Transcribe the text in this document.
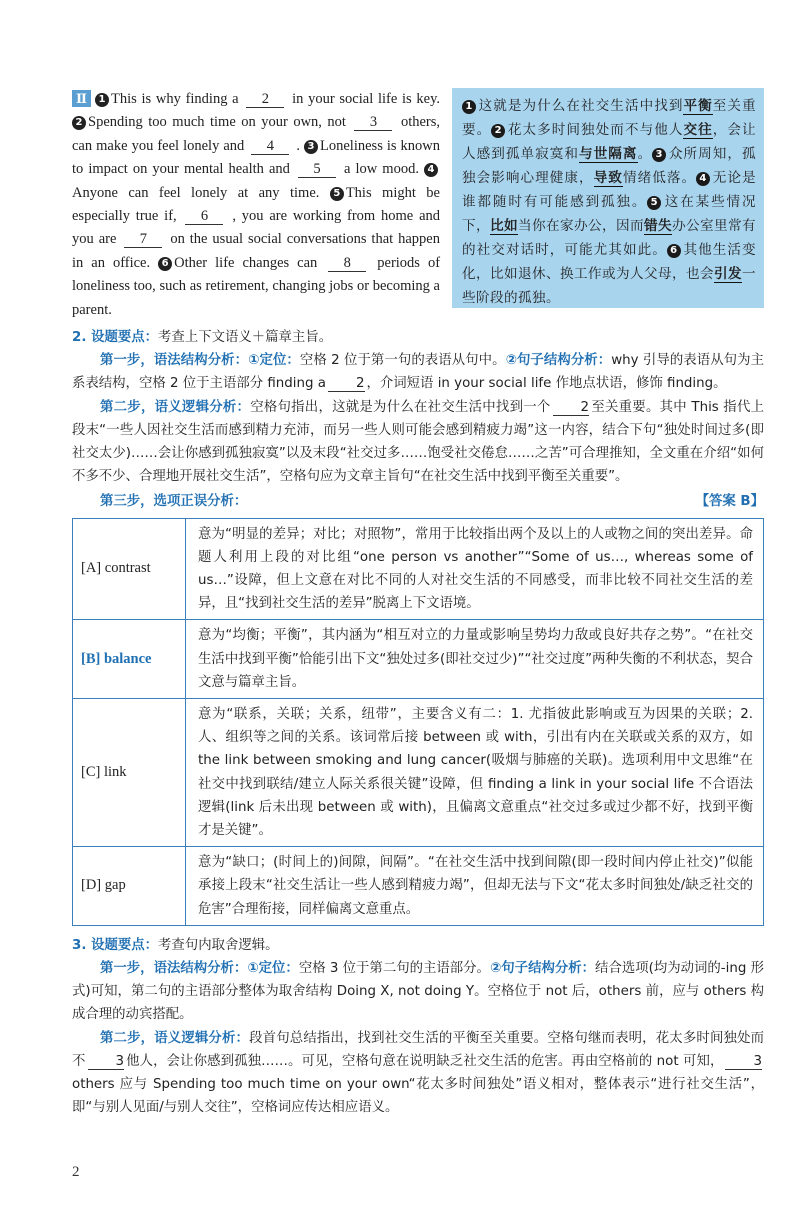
Ⅱ 1 This is why finding a 2 in your social life is key. 2 Spending too much time on your own, not 3 others, can make you feel lonely and 4 . 3 Loneliness is known to impact on your mental health and 5 a low mood. 4Anyone can feel lonely at any time. 5 This might be especially true if, 6 , you are working from home and you are 7 on the usual social conversations that happen in an office. 6 Other life changes can 8 periods of loneliness too, such as retirement, changing jobs or becoming a parent.
1 这就是为什么在社交生活中找到平衡至关重要。 2 花太多时间独处而不与他人交往，会让人感到孤单寂寞和与世隔离。 3 众所周知，孤独会影响心理健康，导致情绪低落。 4 无论是谁都随时有可能感到孤独。 5 这在某些情况下，比如当你在家办公，因而错失办公室里常有的社交对话时，可能尤其如此。 6 其他生活变化，比如退休、换工作或为人父母，也会引发一些阶段的孤独。

2. 设题要点：考查上下文语义＋篇章主旨。

第一步，语法结构分析：①定位：空格 2 位于第一句的表语从句中。②句子结构分析：why 引导的表语从句为主系表结构，空格 2 位于主语部分 finding a 2 ，介词短语 in your social life 作地点状语，修饰 finding。

第二步，语义逻辑分析：空格句指出，这就是为什么在社交生活中找到一个 2 至关重要。其中 This 指代上段末“一些人因社交生活而感到精力充沛，而另一些人则可能会感到精疲力竭”这一内容，结合下句“独处时间过多(即社交太少)……会让你感到孤独寂寞”以及末段“社交过多……饱受社交倦怠……之苦”可合理推知，全文重在介绍“如何不多不少、合理地开展社交生活”，空格句应为文章主旨句“在社交生活中找到平衡至关重要”。

第三步，选项正误分析：	【答案 B】
[A] contrast	意为“明显的差异；对比；对照物”，常用于比较指出两个及以上的人或物之间的突出差异。命题人利用上段的对比组“one person vs another”“Some of us…, whereas some of us…”设障，但上文意在对比不同的人对社交生活的不同感受，而非比较不同社交生活的差异，且“找到社交生活的差异”脱离上下文语境。
[B] balance	意为“均衡；平衡”，其内涵为“相互对立的力量或影响呈势均力敌或良好共存之势”。“在社交生活中找到平衡”恰能引出下文“独处过多(即社交过少)”“社交过度”两种失衡的不利状态，契合文意与篇章主旨。
[C] link	意为“联系，关联；关系，纽带”，主要含义有二：1. 尤指彼此影响或互为因果的关联；2. 人、组织等之间的关系。该词常后接 between 或 with，引出有内在关联或关系的双方，如 the link between smoking and lung cancer(吸烟与肺癌的关联)。选项利用中文思维“在社交中找到联结/建立人际关系很关键”设障，但 finding a link in your social life 不合语法逻辑(link 后未出现 between 或 with)，且偏离文意重点“社交过多或过少都不好，找到平衡才是关键”。
[D] gap	意为“缺口；(时间上的)间隙，间隔”。“在社交生活中找到间隙(即一段时间内停止社交)”似能承接上段末“社交生活让一些人感到精疲力竭”，但却无法与下文“花太多时间独处/缺乏社交的危害”合理衔接，同样偏离文意重点。

3. 设题要点：考查句内取舍逻辑。

第一步，语法结构分析：①定位：空格 3 位于第二句的主语部分。②句子结构分析：结合选项(均为动词的-ing 形式)可知，第二句的主语部分整体为取舍结构 Doing X, not doing Y。空格位于 not 后，others 前，应与 others 构成合理的动宾搭配。

第二步，语义逻辑分析：段首句总结指出，找到社交生活的平衡至关重要。空格句继而表明，花太多时间独处而不 3 他人，会让你感到孤独……。可见，空格句意在说明缺乏社交生活的危害。再由空格前的 not 可知， 3others 应与 Spending too much time on your own“花太多时间独处”语义相对，整体表示“进行社交生活”，即“与别人见面/与别人交往”，空格词应传达相应语义。

2
